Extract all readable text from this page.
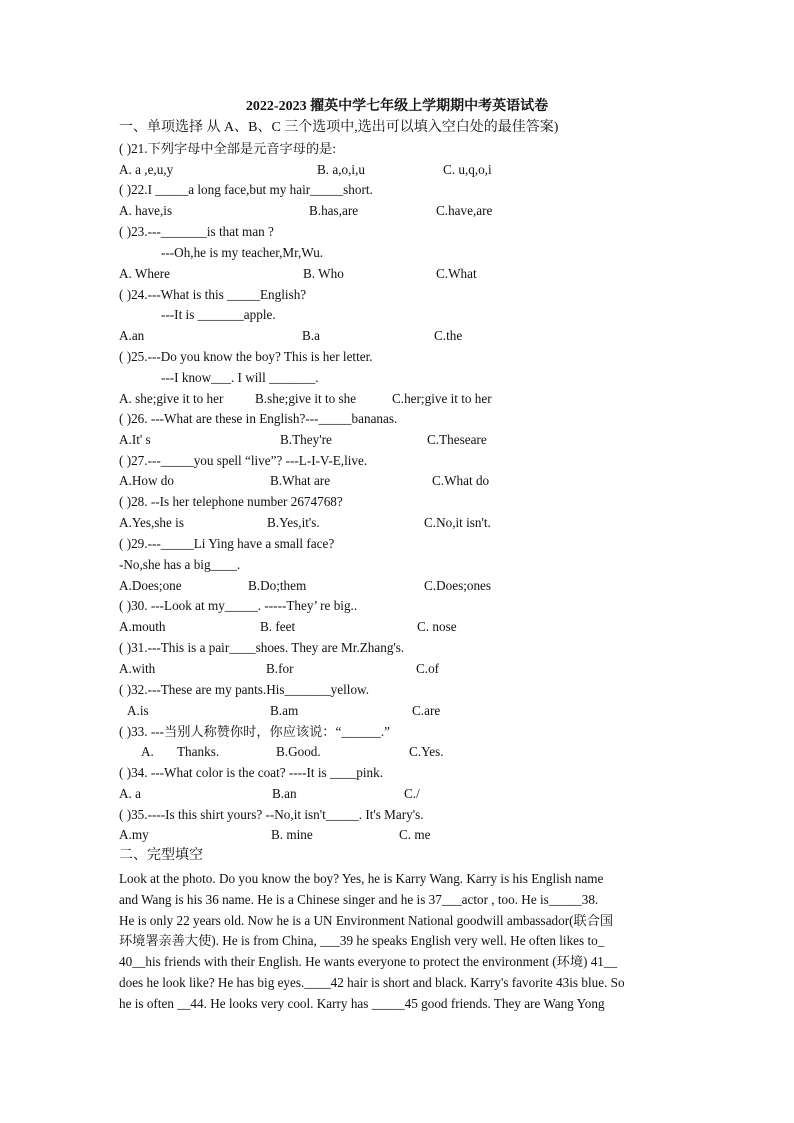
2022-2023 擢英中学七年级上学期期中考英语试卷
一、单项选择 从 A、B、C 三个选项中,选出可以填入空白处的最佳答案)
( )21.下列字母中全部是元音字母的是:
A. a ,e,u,y	B. a,o,i,u	C. u,q,o,i
( )22.I _____a long face,but my hair_____short.
A. have,is	B.has,are	C.have,are
( )23.---_______is that man ?
---Oh,he is my teacher,Mr,Wu.
A. Where	B. Who	C.What
( )24.---What is this _____English?
---It is _______apple.
A.an	B.a	C.the
( )25.---Do you know the boy? This is her letter.
---I know___. I will _______.
A. she;give it to her B.she;give it to she	C.her;give it to her
( )26. ---What are these in English?---_____bananas.
A.It' s	B.They're	C.Theseare
( )27.---_____you spell “live”? ---L-I-V-E,live.
A.How do	B.What are	C.What do
( )28. --Is her telephone number 2674768?
A.Yes,she is	B.Yes,it's.	C.No,it isn't.
( )29.---_____Li Ying have a small face?
-No,she has a big____.
A.Does;one	B.Do;them	C.Does;ones
( )30. ---Look at my_____. -----They’ re big..
A.mouth	B. feet	C. nose
( )31.---This is a pair____shoes. They are Mr.Zhang's.
A.with	B.for	C.of
( )32.---These are my pants.His_______yellow.
A.is	B.am	C.are
( )33. ---当别人称赞你时，你应该说：“______.”
A. Thanks.	B.Good.	C.Yes.
( )34. ---What color is the coat? ----It is ____pink.
A. a	B.an	C./
( )35.----Is this shirt yours? --No,it isn't_____. It's Mary's.
A.my	B. mine	C. me
二、完型填空
Look at the photo. Do you know the boy? Yes, he is Karry Wang. Karry is his English name
and Wang is his 36 name. He is a Chinese singer and he is 37___actor , too. He is_____38.
He is only 22 years old. Now he is a UN Environment National goodwill ambassador(联合国
环境署亲善大使). He is from China, ___39 he speaks English very well. He often likes to_
40__his friends with their English. He wants everyone to protect the environment (环境) 41__
does he look like? He has big eyes.____42 hair is short and black. Karry's favorite 43is blue. So
he is often __44. He looks very cool. Karry has _____45 good friends. They are Wang Yong
